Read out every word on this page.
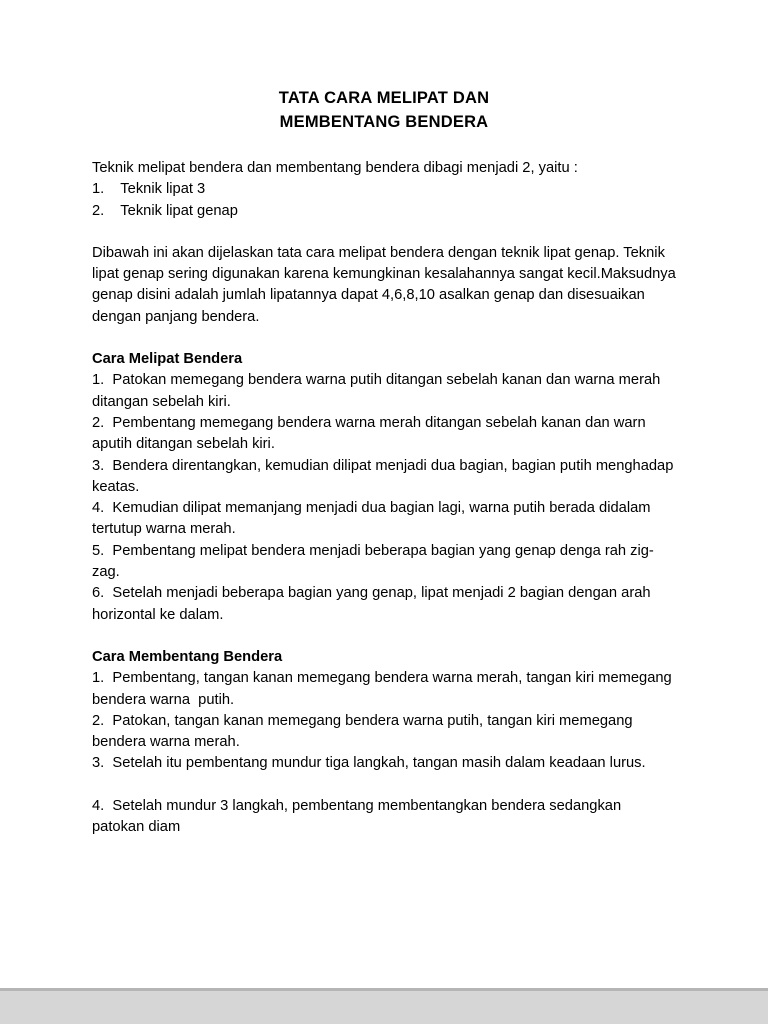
TATA CARA MELIPAT DAN
MEMBENTANG BENDERA

Teknik melipat bendera dan membentang bendera dibagi menjadi 2, yaitu :

1.    Teknik lipat 3

2.    Teknik lipat genap

Dibawah ini akan dijelaskan tata cara melipat bendera dengan teknik lipat genap. Teknik lipat genap sering digunakan karena kemungkinan kesalahannya sangat kecil.Maksudnya genap disini adalah jumlah lipatannya dapat 4,6,8,10 asalkan genap dan disesuaikan dengan panjang bendera.

Cara Melipat Bendera

1.  Patokan memegang bendera warna putih ditangan sebelah kanan dan warna merah ditangan sebelah kiri.

2.  Pembentang memegang bendera warna merah ditangan sebelah kanan dan warn aputih ditangan sebelah kiri.

3.  Bendera direntangkan, kemudian dilipat menjadi dua bagian, bagian putih menghadap keatas.

4.  Kemudian dilipat memanjang menjadi dua bagian lagi, warna putih berada didalam tertutup warna merah.

5.  Pembentang melipat bendera menjadi beberapa bagian yang genap denga rah zig-zag.

6.  Setelah menjadi beberapa bagian yang genap, lipat menjadi 2 bagian dengan arah horizontal ke dalam.

Cara Membentang Bendera

1.  Pembentang, tangan kanan memegang bendera warna merah, tangan kiri memegang bendera warna  putih.

2.  Patokan, tangan kanan memegang bendera warna putih, tangan kiri memegang bendera warna merah.

3.  Setelah itu pembentang mundur tiga langkah, tangan masih dalam keadaan lurus.

4.  Setelah mundur 3 langkah, pembentang membentangkan bendera sedangkan patokan diam
